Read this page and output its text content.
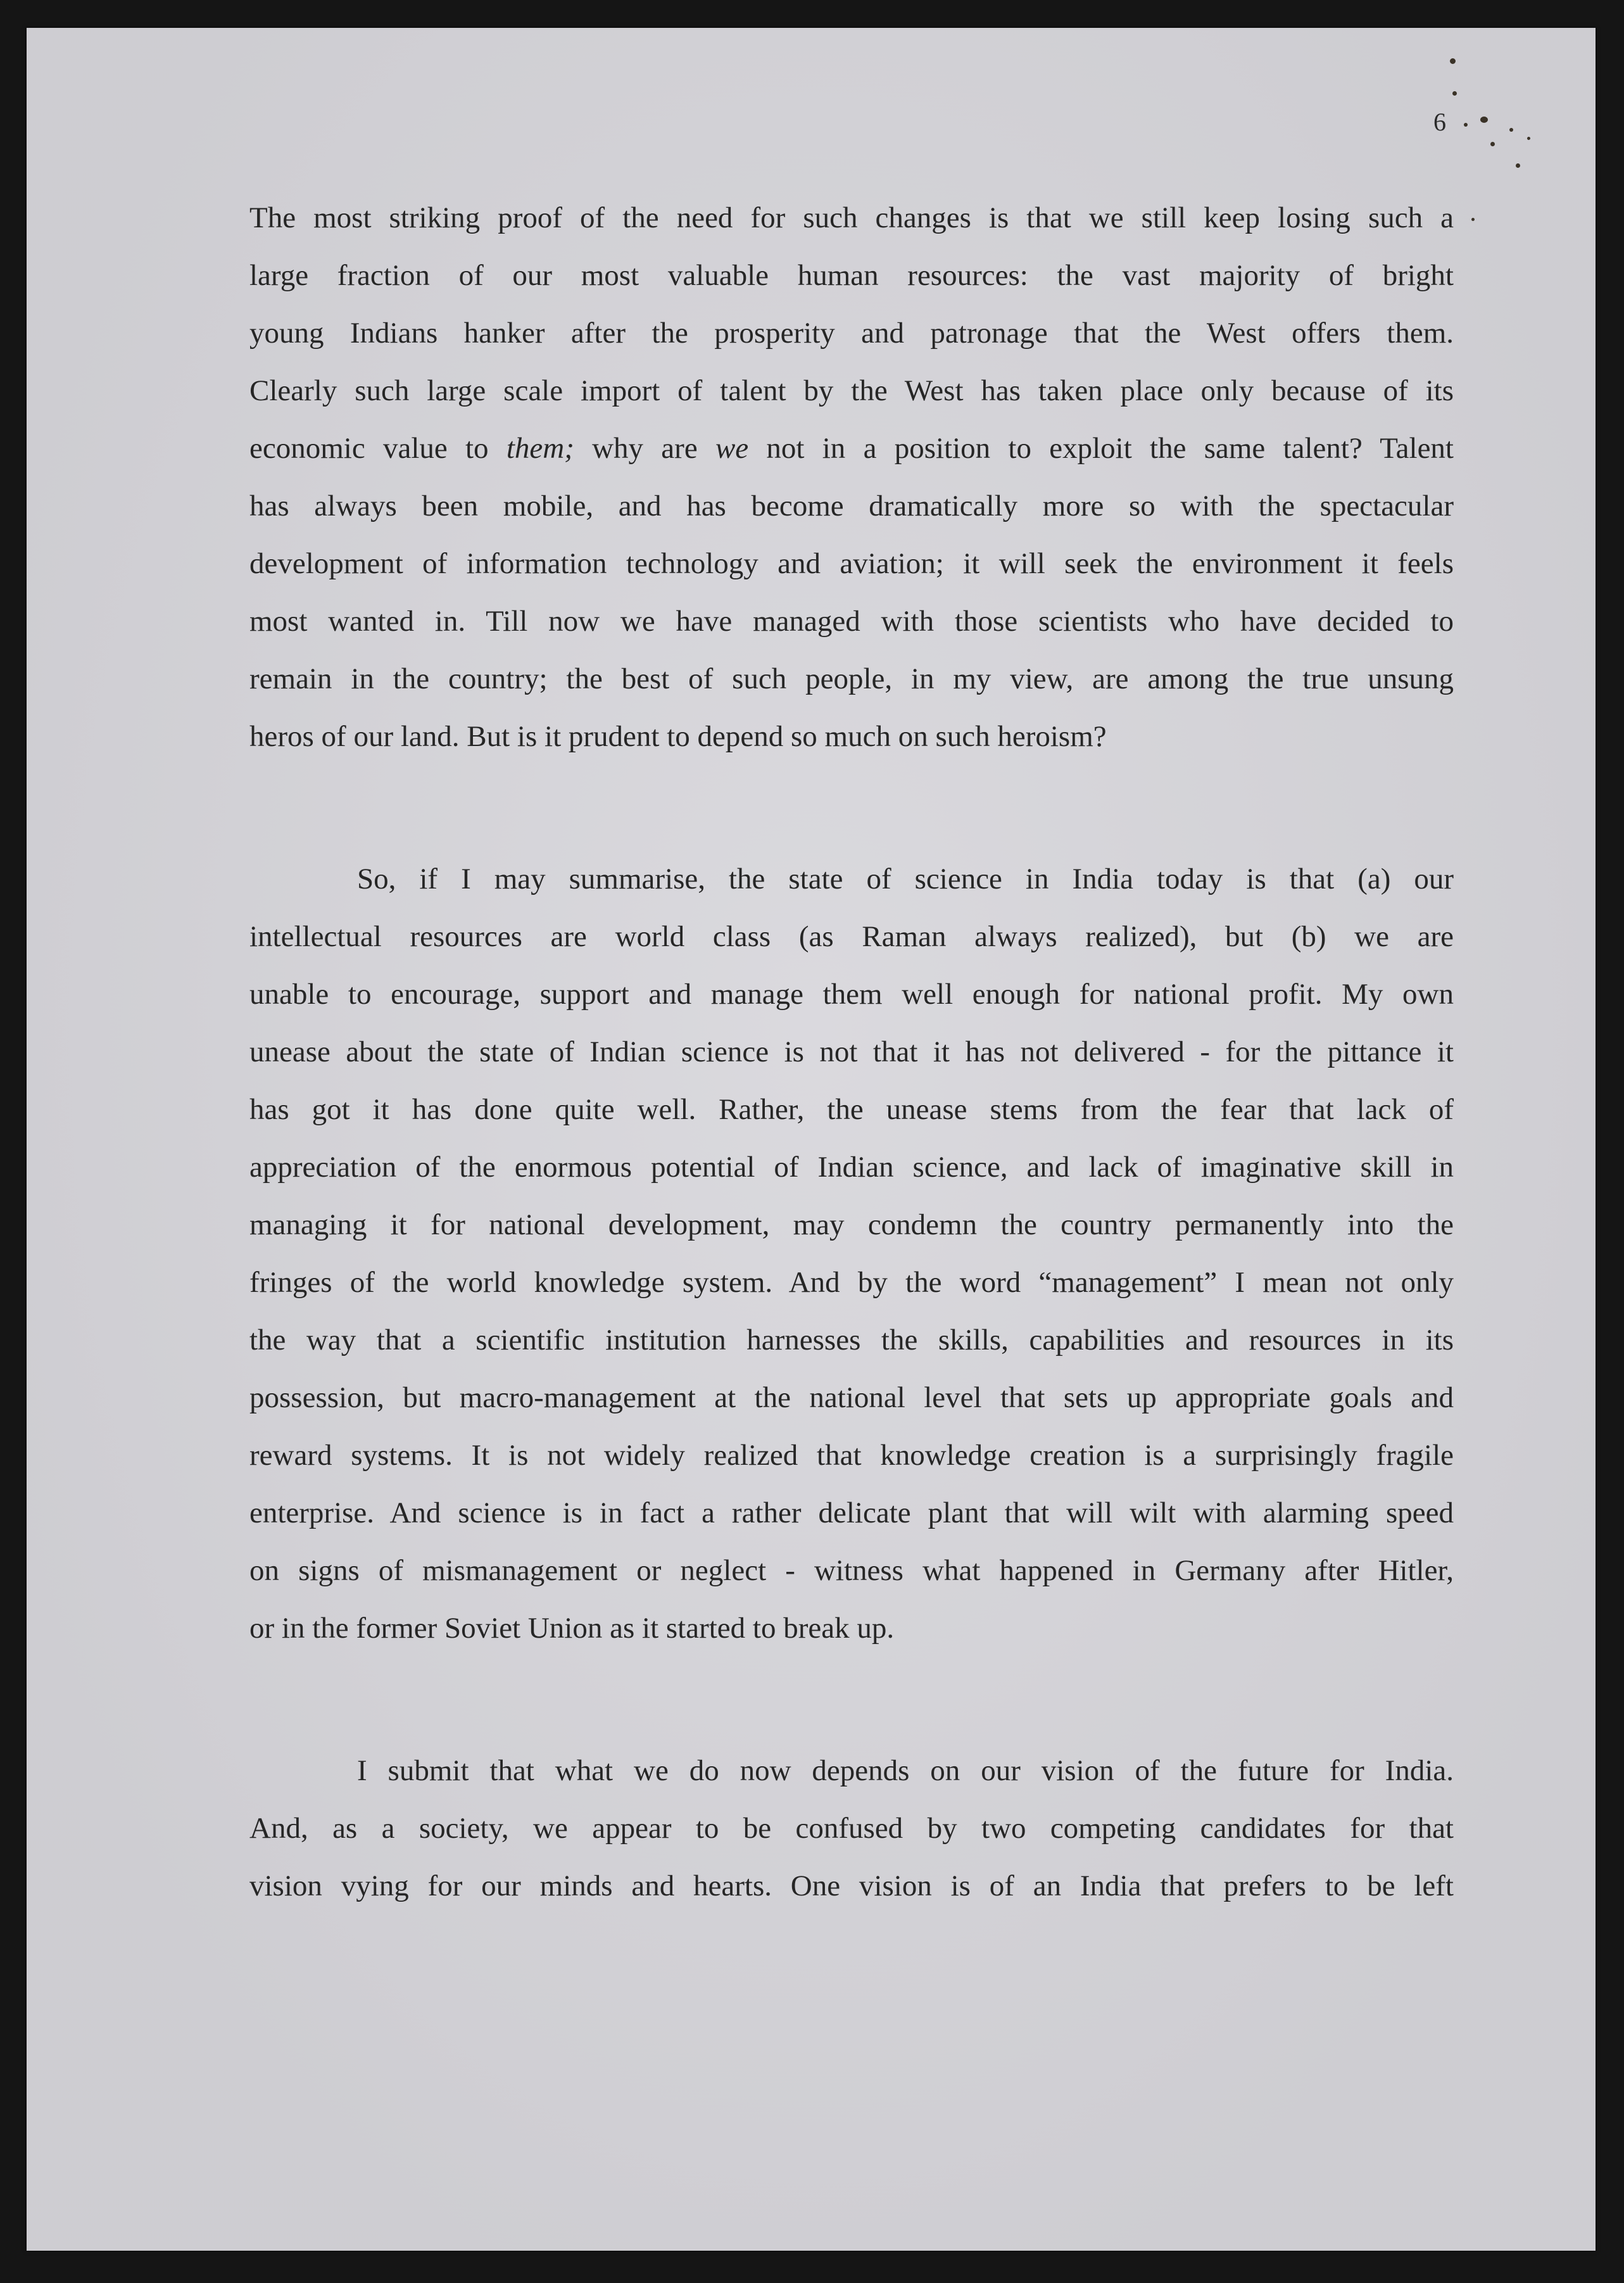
6

The most striking proof of the need for such changes is that we still keep losing such a
large fraction of our most valuable human resources: the vast majority of bright
young Indians hanker after the prosperity and patronage that the West offers them.
Clearly such large scale import of talent by the West has taken place only because of its
economic value to them; why are we not in a position to exploit the same talent? Talent
has always been mobile, and has become dramatically more so with the spectacular
development of information technology and aviation; it will seek the environment it feels
most wanted in. Till now we have managed with those scientists who have decided to
remain in the country; the best of such people, in my view, are among the true unsung
heros of our land. But is it prudent to depend so much on such heroism?

So, if I may summarise, the state of science in India today is that (a) our
intellectual resources are world class (as Raman always realized), but (b) we are
unable to encourage, support and manage them well enough for national profit. My own
unease about the state of Indian science is not that it has not delivered - for the pittance it
has got it has done quite well. Rather, the unease stems from the fear that lack of
appreciation of the enormous potential of Indian science, and lack of imaginative skill in
managing it for national development, may condemn the country permanently into the
fringes of the world knowledge system. And by the word “management” I mean not only
the way that a scientific institution harnesses the skills, capabilities and resources in its
possession, but macro-management at the national level that sets up appropriate goals and
reward systems. It is not widely realized that knowledge creation is a surprisingly fragile
enterprise. And science is in fact a rather delicate plant that will wilt with alarming speed
on signs of mismanagement or neglect - witness what happened in Germany after Hitler,
or in the former Soviet Union as it started to break up.

I submit that what we do now depends on our vision of the future for India.
And, as a society, we appear to be confused by two competing candidates for that
vision vying for our minds and hearts. One vision is of an India that prefers to be left
